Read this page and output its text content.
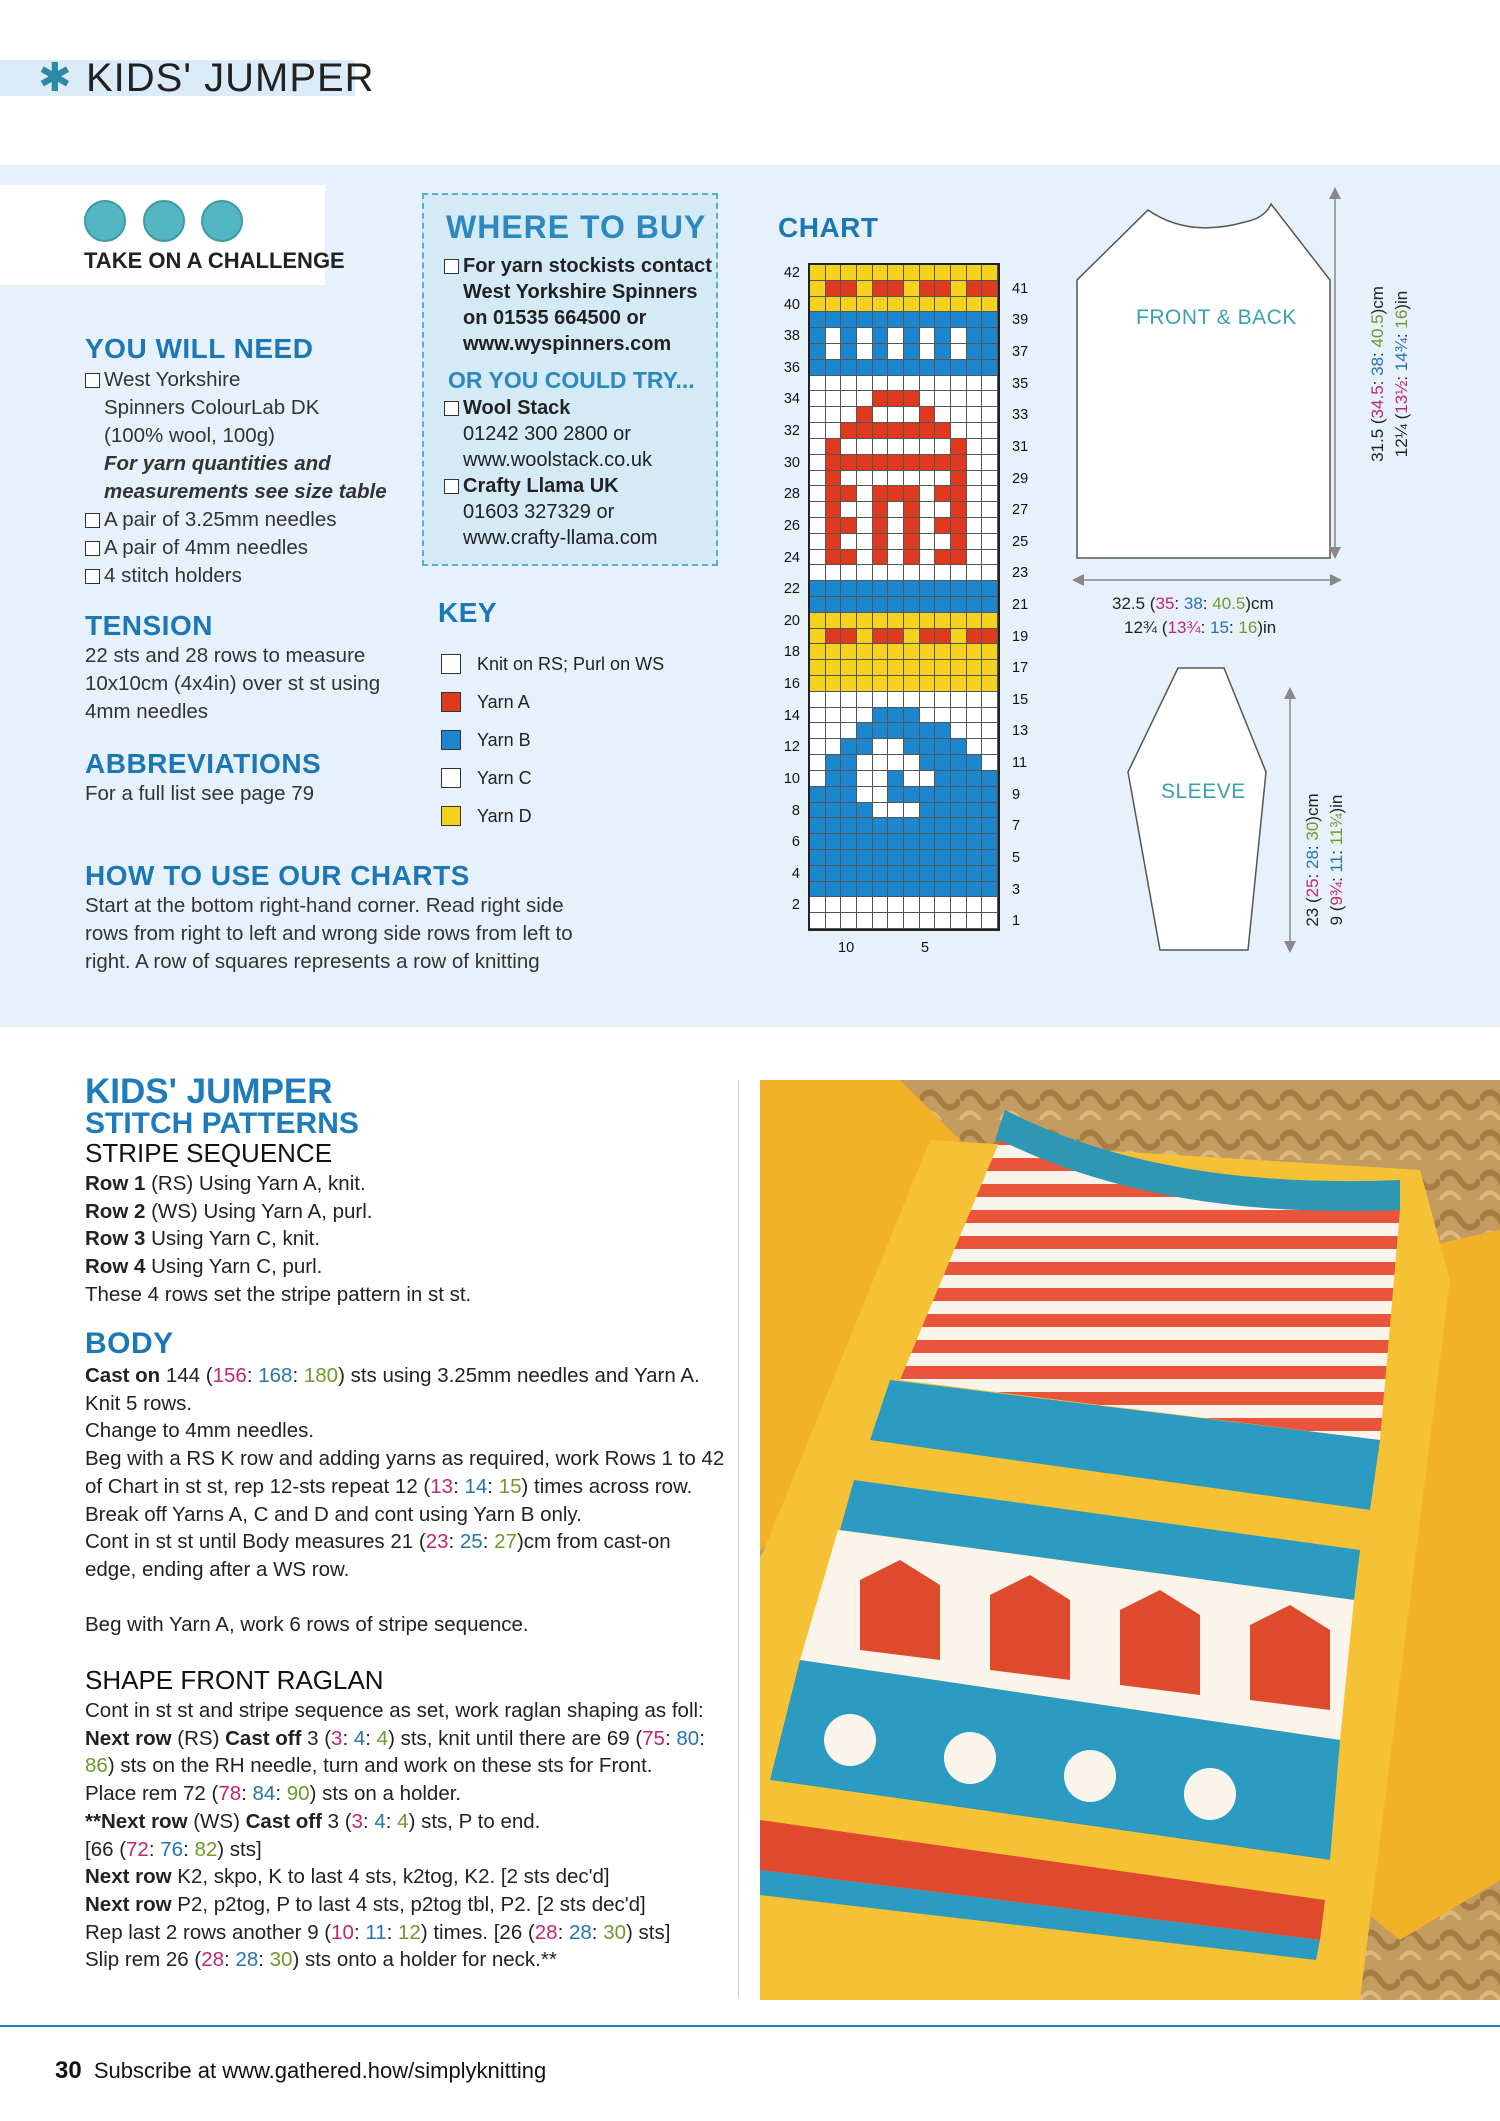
✱ KIDS' JUMPER
TAKE ON A CHALLENGE
YOU WILL NEED
West Yorkshire
Spinners ColourLab DK
(100% wool, 100g)
For yarn quantities and
measurements see size table
A pair of 3.25mm needles
A pair of 4mm needles
4 stitch holders
TENSION
22 sts and 28 rows to measure
10x10cm (4x4in) over st st using
4mm needles
ABBREVIATIONS
For a full list see page 79
HOW TO USE OUR CHARTS
Start at the bottom right-hand corner. Read right side
rows from right to left and wrong side rows from left to
right. A row of squares represents a row of knitting
WHERE TO BUY
For yarn stockists contact
West Yorkshire Spinners
on 01535 664500 or
www.wyspinners.com
OR YOU COULD TRY...
Wool Stack
01242 300 2800 or
www.woolstack.co.uk
Crafty Llama UK
01603 327329 or
www.crafty-llama.com
KEY
Knit on RS; Purl on WS
Yarn A
Yarn B
Yarn C
Yarn D
CHART
42
40
38
36
34
32
30
28
26
24
22
20
18
16
14
12
10
8
6
4
2
41
39
37
35
33
31
29
27
25
23
21
19
17
15
13
11
9
7
5
3
1
10	5
FRONT & BACK
32.5 (35: 38: 40.5)cm
12¾ (13¾: 15: 16)in
31.5 (34.5: 38: 40.5)cm
12¼ (13½: 14¾: 16)in
SLEEVE
23 (25: 28: 30)cm
9 (9¾: 11: 11¾)in
KIDS' JUMPER
STITCH PATTERNS
STRIPE SEQUENCE
Row 1 (RS) Using Yarn A, knit.
Row 2 (WS) Using Yarn A, purl.
Row 3 Using Yarn C, knit.
Row 4 Using Yarn C, purl.
These 4 rows set the stripe pattern in st st.
BODY
Cast on 144 (156: 168: 180) sts using 3.25mm needles and Yarn A.
Knit 5 rows.
Change to 4mm needles.
Beg with a RS K row and adding yarns as required, work Rows 1 to 42
of Chart in st st, rep 12-sts repeat 12 (13: 14: 15) times across row.
Break off Yarns A, C and D and cont using Yarn B only.
Cont in st st until Body measures 21 (23: 25: 27)cm from cast-on
edge, ending after a WS row.
Beg with Yarn A, work 6 rows of stripe sequence.
SHAPE FRONT RAGLAN
Cont in st st and stripe sequence as set, work raglan shaping as foll:
Next row (RS) Cast off 3 (3: 4: 4) sts, knit until there are 69 (75: 80:
86) sts on the RH needle, turn and work on these sts for Front.
Place rem 72 (78: 84: 90) sts on a holder.
**Next row (WS) Cast off 3 (3: 4: 4) sts, P to end.
[66 (72: 76: 82) sts]
Next row K2, skpo, K to last 4 sts, k2tog, K2. [2 sts dec'd]
Next row P2, p2tog, P to last 4 sts, p2tog tbl, P2. [2 sts dec'd]
Rep last 2 rows another 9 (10: 11: 12) times. [26 (28: 28: 30) sts]
Slip rem 26 (28: 28: 30) sts onto a holder for neck.**
30 Subscribe at www.gathered.how/simplyknitting
